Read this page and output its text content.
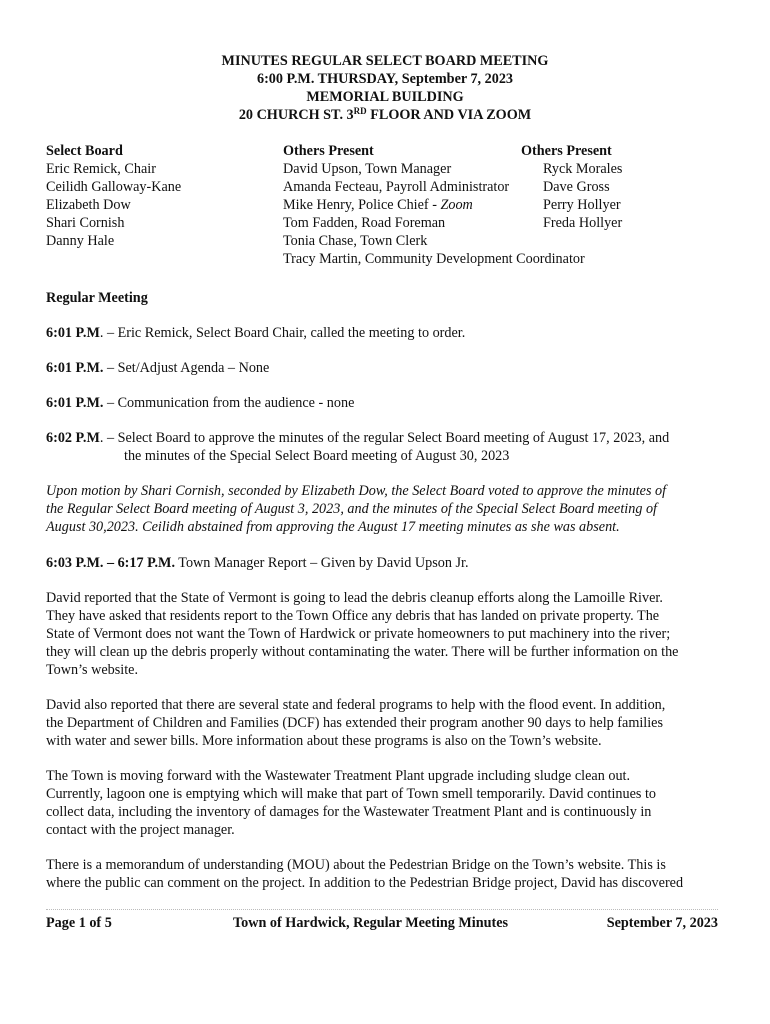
MINUTES REGULAR SELECT BOARD MEETING
6:00 P.M. THURSDAY, September 7, 2023
MEMORIAL BUILDING
20 CHURCH ST. 3RD FLOOR AND VIA ZOOM
Select Board
Eric Remick, Chair
Ceilidh Galloway-Kane
Elizabeth Dow
Shari Cornish
Danny Hale
Others Present
David Upson, Town Manager
Amanda Fecteau, Payroll Administrator
Mike Henry, Police Chief - Zoom
Tom Fadden, Road Foreman
Tonia Chase, Town Clerk
Tracy Martin, Community Development Coordinator
Others Present
Ryck Morales
Dave Gross
Perry Hollyer
Freda Hollyer
Regular Meeting
6:01 P.M. – Eric Remick, Select Board Chair, called the meeting to order.
6:01 P.M. – Set/Adjust Agenda – None
6:01 P.M. – Communication from the audience - none
6:02 P.M. – Select Board to approve the minutes of the regular Select Board meeting of August 17, 2023, and
the minutes of the Special Select Board meeting of August 30, 2023
Upon motion by Shari Cornish, seconded by Elizabeth Dow, the Select Board voted to approve the minutes of
the Regular Select Board meeting of August 3, 2023, and the minutes of the Special Select Board meeting of
August 30,2023. Ceilidh abstained from approving the August 17 meeting minutes as she was absent.
6:03 P.M. – 6:17 P.M. Town Manager Report – Given by David Upson Jr.
David reported that the State of Vermont is going to lead the debris cleanup efforts along the Lamoille River.
They have asked that residents report to the Town Office any debris that has landed on private property. The
State of Vermont does not want the Town of Hardwick or private homeowners to put machinery into the river;
they will clean up the debris properly without contaminating the water. There will be further information on the
Town’s website.
David also reported that there are several state and federal programs to help with the flood event. In addition,
the Department of Children and Families (DCF) has extended their program another 90 days to help families
with water and sewer bills. More information about these programs is also on the Town’s website.
The Town is moving forward with the Wastewater Treatment Plant upgrade including sludge clean out.
Currently, lagoon one is emptying which will make that part of Town smell temporarily. David continues to
collect data, including the inventory of damages for the Wastewater Treatment Plant and is continuously in
contact with the project manager.
There is a memorandum of understanding (MOU) about the Pedestrian Bridge on the Town’s website. This is
where the public can comment on the project. In addition to the Pedestrian Bridge project, David has discovered
Page 1 of 5	Town of Hardwick, Regular Meeting Minutes	September 7, 2023
